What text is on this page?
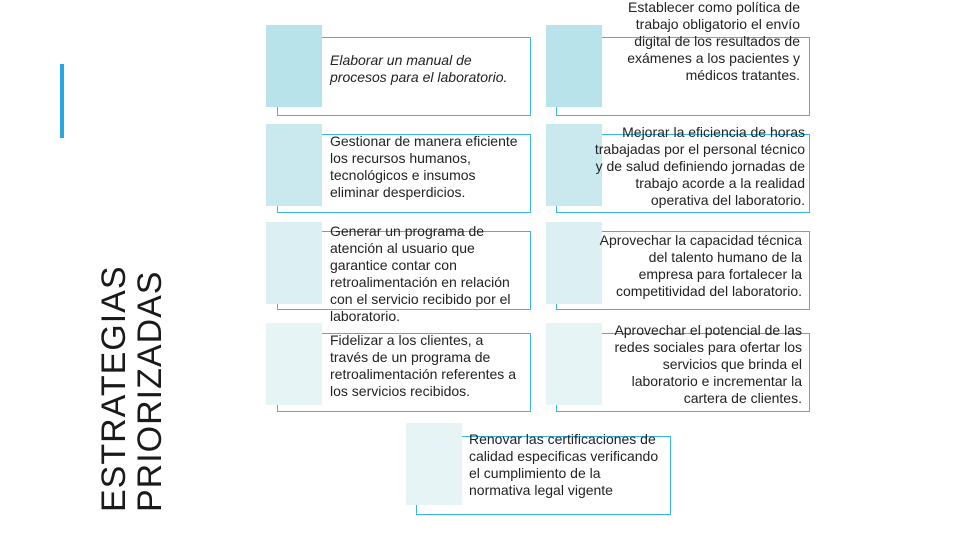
ESTRATEGIAS
PRIORIZADAS
Elaborar un manual de procesos para el laboratorio.
Gestionar de manera eficiente los recursos humanos, tecnológicos e insumos eliminar desperdicios.
Generar un programa de atención al usuario que garantice contar con retroalimentación en relación con el servicio recibido por el laboratorio.
Fidelizar a los clientes, a través de un programa de retroalimentación referentes a los servicios recibidos.
Establecer como política de trabajo obligatorio el envío digital de los resultados de exámenes a los pacientes y médicos tratantes.
Mejorar la eficiencia de horas trabajadas por el personal técnico y de salud definiendo jornadas de trabajo acorde a la realidad operativa del laboratorio.
Aprovechar la capacidad técnica del talento humano de la empresa para fortalecer la competitividad del laboratorio.
Aprovechar el potencial de las redes sociales para ofertar los servicios que brinda el laboratorio e incrementar la cartera de clientes.
Renovar las certificaciones de calidad especificas verificando el cumplimiento de la normativa legal vigente
